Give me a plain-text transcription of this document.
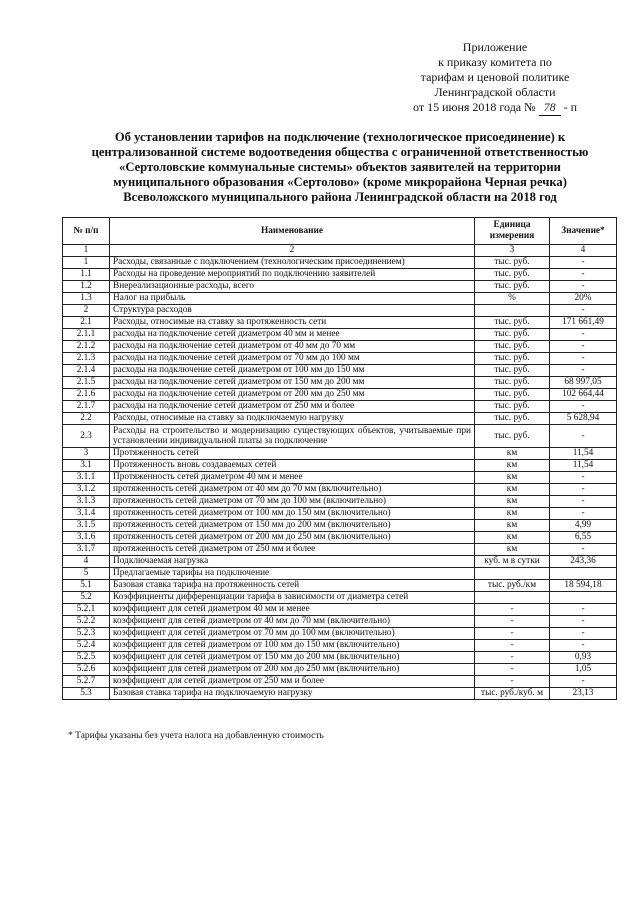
Приложение
к приказу комитета по
тарифам и ценовой политике
Ленинградской области
от 15 июня 2018 года № 78 - п
Об установлении тарифов на подключение (технологическое присоединение) к
централизованной системе водоотведения общества с ограниченной ответственностью
«Сертоловские коммунальные системы» объектов заявителей на территории
муниципального образования «Сертолово» (кроме микрорайона Черная речка)
Всеволожского муниципального района Ленинградской области на 2018 год
№ п/п	Наименование	Единица измерения	Значение*
1	2	3	4
1	Расходы, связанные с подключением (технологическим присоединением)	тыс. руб.	-
1.1	Расходы на проведение мероприятий по подключению заявителей	тыс. руб.	-
1.2	Внереализационные расходы, всего	тыс. руб.	-
1.3	Налог на прибыль	%	20%
2	Структура расходов		-
2.1	Расходы, относимые на ставку за протяженность сети	тыс. руб.	171 661,49
2.1.1	расходы на подключение сетей диаметром 40 мм и менее	тыс. руб.	-
2.1.2	расходы на подключение сетей диаметром от 40 мм до 70 мм	тыс. руб.	-
2.1.3	расходы на подключение сетей диаметром от 70 мм до 100 мм	тыс. руб.	-
2.1.4	расходы на подключение сетей диаметром от 100 мм до 150 мм	тыс. руб.	-
2.1.5	расходы на подключение сетей диаметром от 150 мм до 200 мм	тыс. руб.	68 997,05
2.1.6	расходы на подключение сетей диаметром от 200 мм до 250 мм	тыс. руб.	102 664,44
2.1.7	расходы на подключение сетей диаметром от 250 мм и более	тыс. руб.	-
2.2	Расходы, относимые на ставку за подключаемую нагрузку	тыс. руб.	5 628,94
2.3	Расходы на строительство и модернизацию существующих объектов, учитываемые при установлении индивидуальной платы за подключение	тыс. руб.	-
3	Протяженность сетей	км	11,54
3.1	Протяженность вновь создаваемых сетей	км	11,54
3.1.1	Протяженность сетей диаметром 40 мм и менее	км	-
3.1.2	протяженность сетей диаметром от 40 мм до 70 мм (включительно)	км	-
3.1.3	протяженность сетей диаметром от 70 мм до 100 мм (включительно)	км	-
3.1.4	протяженность сетей диаметром от 100 мм до 150 мм (включительно)	км	-
3.1.5	протяженность сетей диаметром от 150 мм до 200 мм (включительно)	км	4,99
3.1.6	протяженность сетей диаметром от 200 мм до 250 мм (включительно)	км	6,55
3.1.7	протяженность сетей диаметром от 250 мм и более	км	-
4	Подключаемая нагрузка	куб. м в сутки	243,36
5	Предлагаемые тарифы на подключение		
5.1	Базовая ставка тарифа на протяженность сетей	тыс. руб./км	18 594,18
5.2	Коэффициенты дифференциации тарифа в зависимости от диаметра сетей		
5.2.1	коэффициент для сетей диаметром 40 мм и менее	-	-
5.2.2	коэффициент для сетей диаметром от 40 мм до 70 мм (включительно)	-	-
5.2.3	коэффициент для сетей диаметром от 70 мм до 100 мм (включительно)	-	-
5.2.4	коэффициент для сетей диаметром от 100 мм до 150 мм (включительно)	-	-
5.2.5	коэффициент для сетей диаметром от 150 мм до 200 мм (включительно)	-	0,93
5.2.6	коэффициент для сетей диаметром от 200 мм до 250 мм (включительно)	-	1,05
5.2.7	коэффициент для сетей диаметром от 250 мм и более	-	-
5.3	Базовая ставка тарифа на подключаемую нагрузку	тыс. руб./куб. м	23,13
* Тарифы указаны без учета налога на добавленную стоимость
